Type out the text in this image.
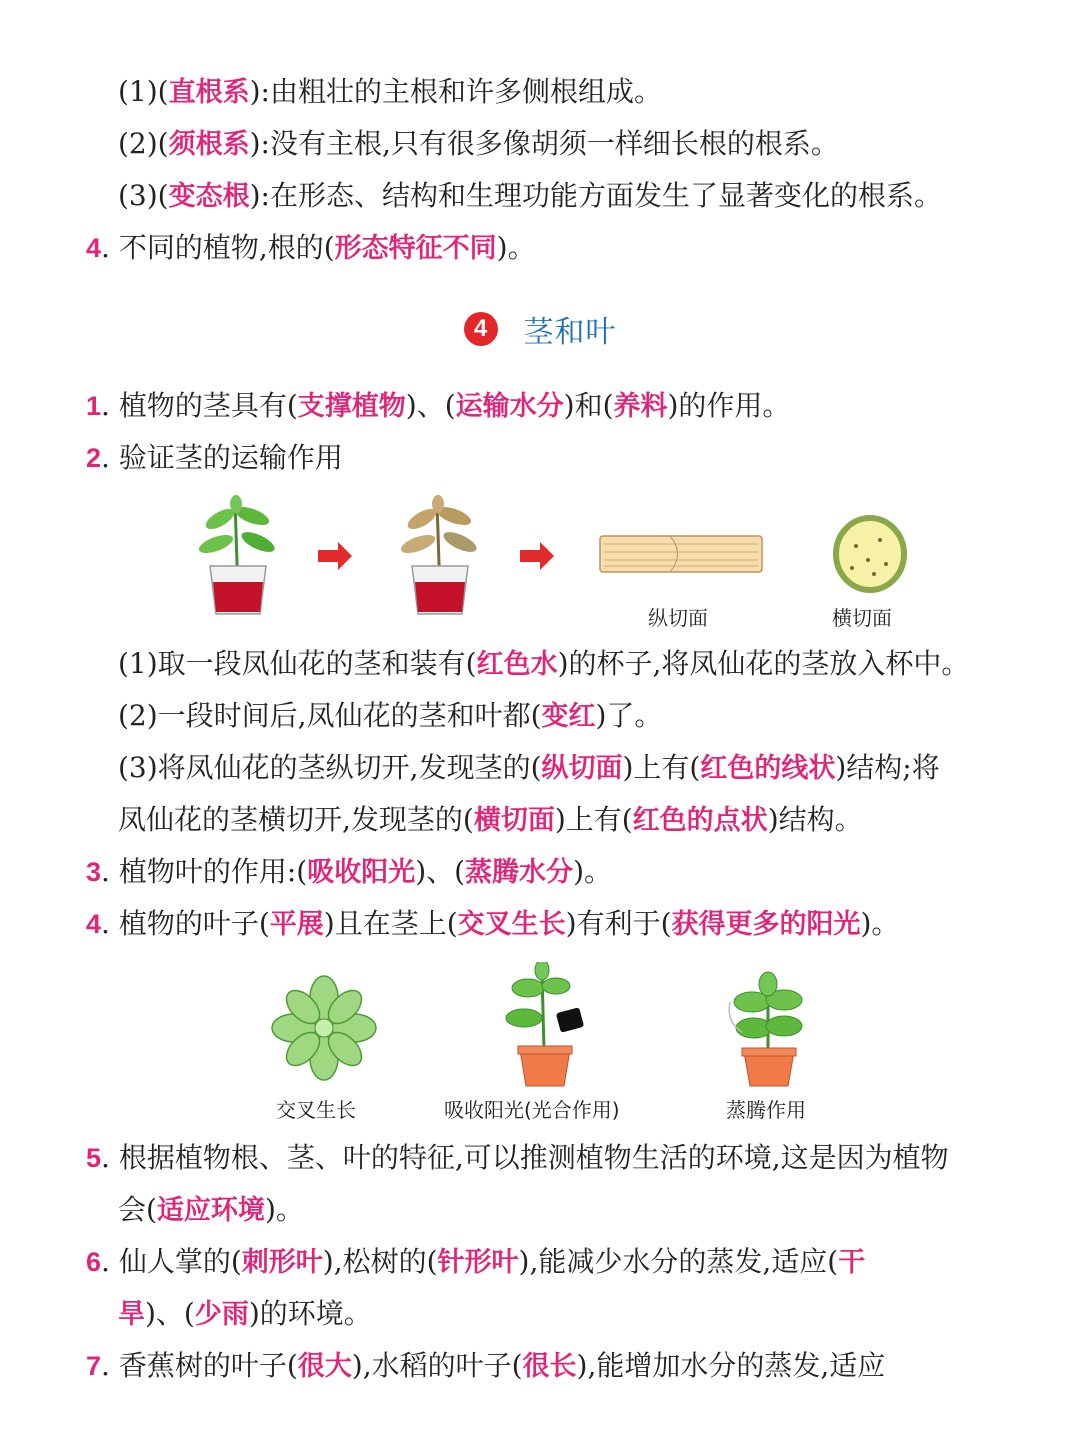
(1)(直根系):由粗壮的主根和许多侧根组成。
(2)(须根系):没有主根,只有很多像胡须一样细长根的根系。
(3)(变态根):在形态、结构和生理功能方面发生了显著变化的根系。
4. 不同的植物,根的(形态特征不同)。
4	茎和叶
1. 植物的茎具有(支撑植物)、(运输水分)和(养料)的作用。
2. 验证茎的运输作用
纵切面	横切面
(1)取一段凤仙花的茎和装有(红色水)的杯子,将凤仙花的茎放入杯中。
(2)一段时间后,凤仙花的茎和叶都(变红)了。
(3)将凤仙花的茎纵切开,发现茎的(纵切面)上有(红色的线状)结构;将
凤仙花的茎横切开,发现茎的(横切面)上有(红色的点状)结构。
3. 植物叶的作用:(吸收阳光)、(蒸腾水分)。
4. 植物的叶子(平展)且在茎上(交叉生长)有利于(获得更多的阳光)。
交叉生长	吸收阳光(光合作用)	蒸腾作用
5. 根据植物根、茎、叶的特征,可以推测植物生活的环境,这是因为植物
会(适应环境)。
6. 仙人掌的(刺形叶),松树的(针形叶),能减少水分的蒸发,适应(干
旱)、(少雨)的环境。
7. 香蕉树的叶子(很大),水稻的叶子(很长),能增加水分的蒸发,适应
